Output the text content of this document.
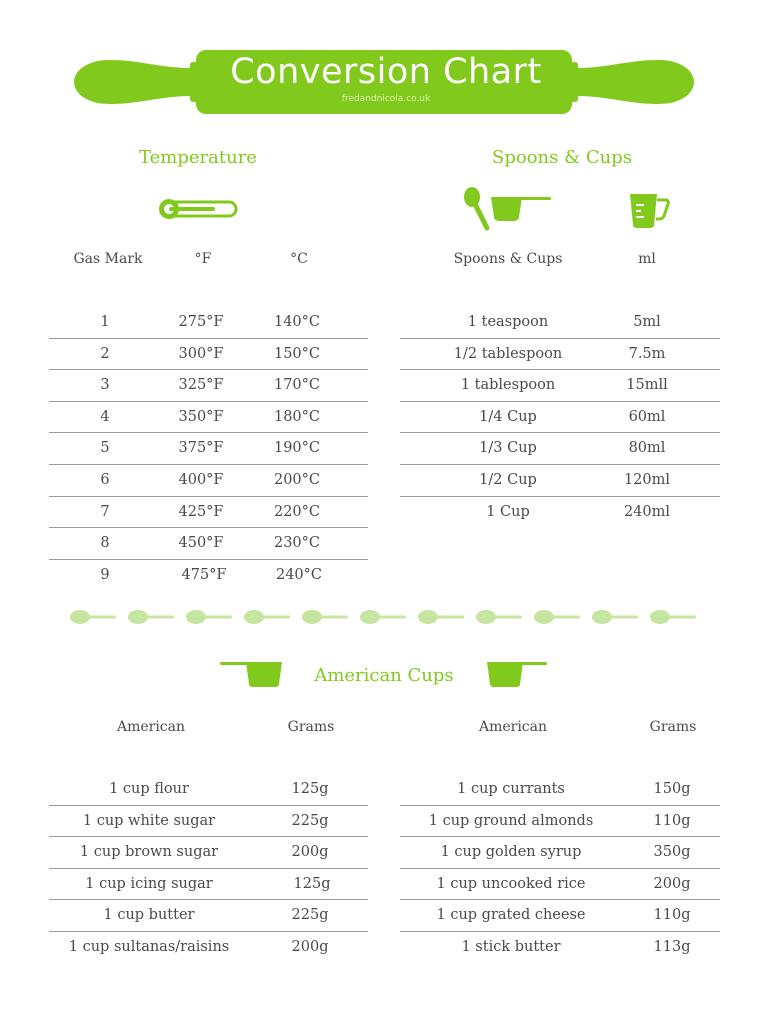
Conversion Chart
fredandnicola.co.uk
Temperature
Gas Mark	°F	°C
1	275°F	140°C
2	300°F	150°C
3	325°F	170°C
4	350°F	180°C
5	375°F	190°C
6	400°F	200°C
7	425°F	220°C
8	450°F	230°C
9	475°F	240°C
Spoons & Cups
Spoons & Cups	ml
1 teaspoon	5ml
1/2 tablespoon	7.5m
1 tablespoon	15mll
1/4 Cup	60ml
1/3 Cup	80ml
1/2 Cup	120ml
1 Cup	240ml
American Cups
American	Grams	American	Grams
1 cup flour	125g
1 cup white sugar	225g
1 cup brown sugar	200g
1 cup icing sugar	125g
1 cup butter	225g
1 cup sultanas/raisins	200g
1 cup currants	150g
1 cup ground almonds	110g
1 cup golden syrup	350g
1 cup uncooked rice	200g
1 cup grated cheese	110g
1 stick butter	113g
